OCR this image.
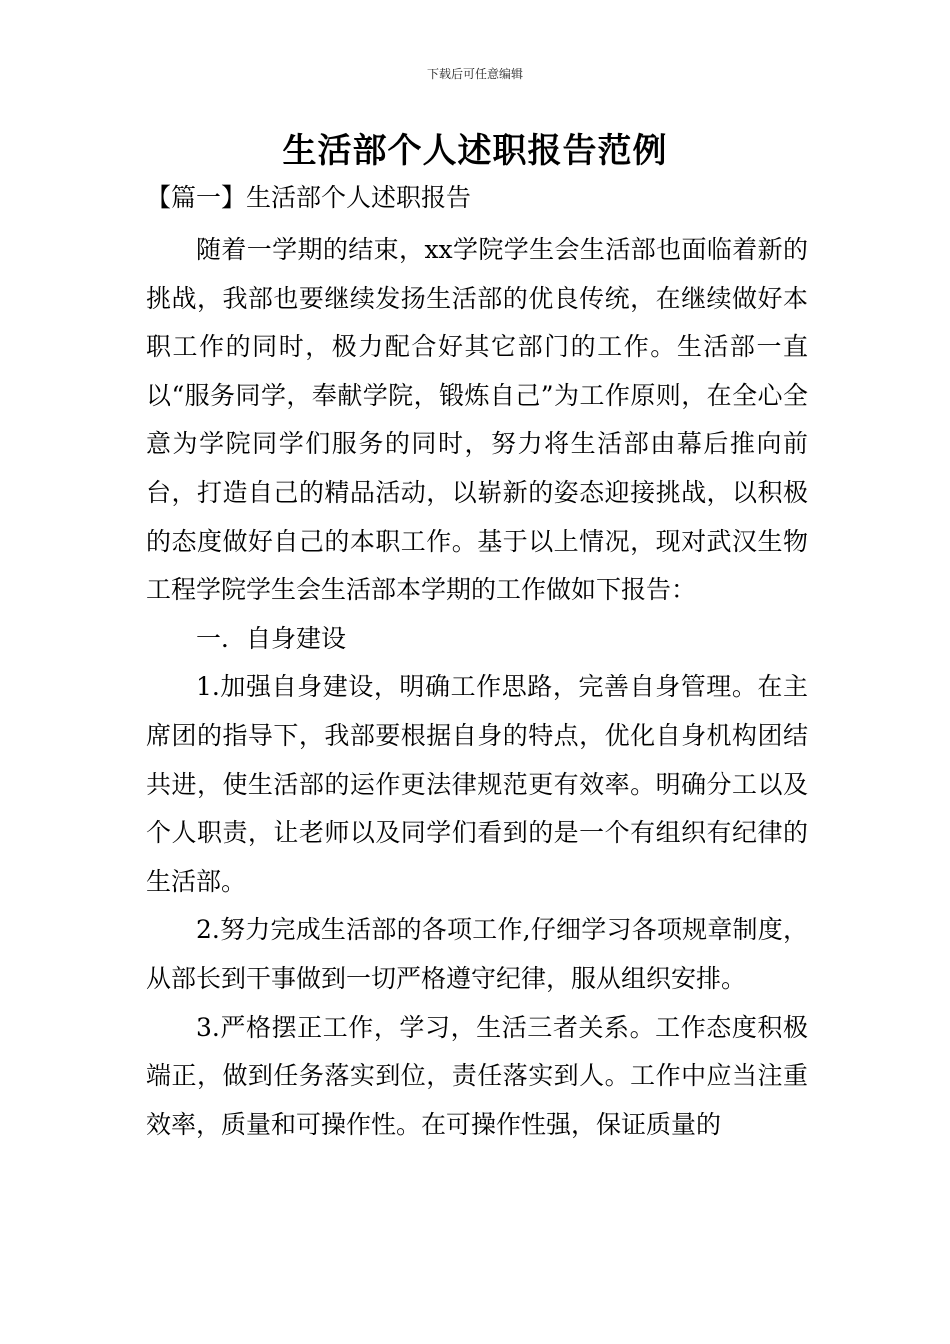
下载后可任意编辑
生活部个人述职报告范例
【篇一】生活部个人述职报告

随着一学期的结束，xx学院学生会生活部也面临着新的挑战，我部也要继续发扬生活部的优良传统，在继续做好本职工作的同时，极力配合好其它部门的工作。生活部一直以“服务同学，奉献学院，锻炼自己”为工作原则，在全心全意为学院同学们服务的同时，努力将生活部由幕后推向前台，打造自己的精品活动，以崭新的姿态迎接挑战，以积极的态度做好自己的本职工作。基于以上情况，现对武汉生物工程学院学生会生活部本学期的工作做如下报告：

一．自身建设

1.加强自身建设，明确工作思路，完善自身管理。在主席团的指导下，我部要根据自身的特点，优化自身机构团结共进，使生活部的运作更法律规范更有效率。明确分工以及个人职责，让老师以及同学们看到的是一个有组织有纪律的生活部。

2.努力完成生活部的各项工作,仔细学习各项规章制度，从部长到干事做到一切严格遵守纪律，服从组织安排。

3.严格摆正工作，学习，生活三者关系。工作态度积极端正，做到任务落实到位，责任落实到人。工作中应当注重效率，质量和可操作性。在可操作性强，保证质量的
